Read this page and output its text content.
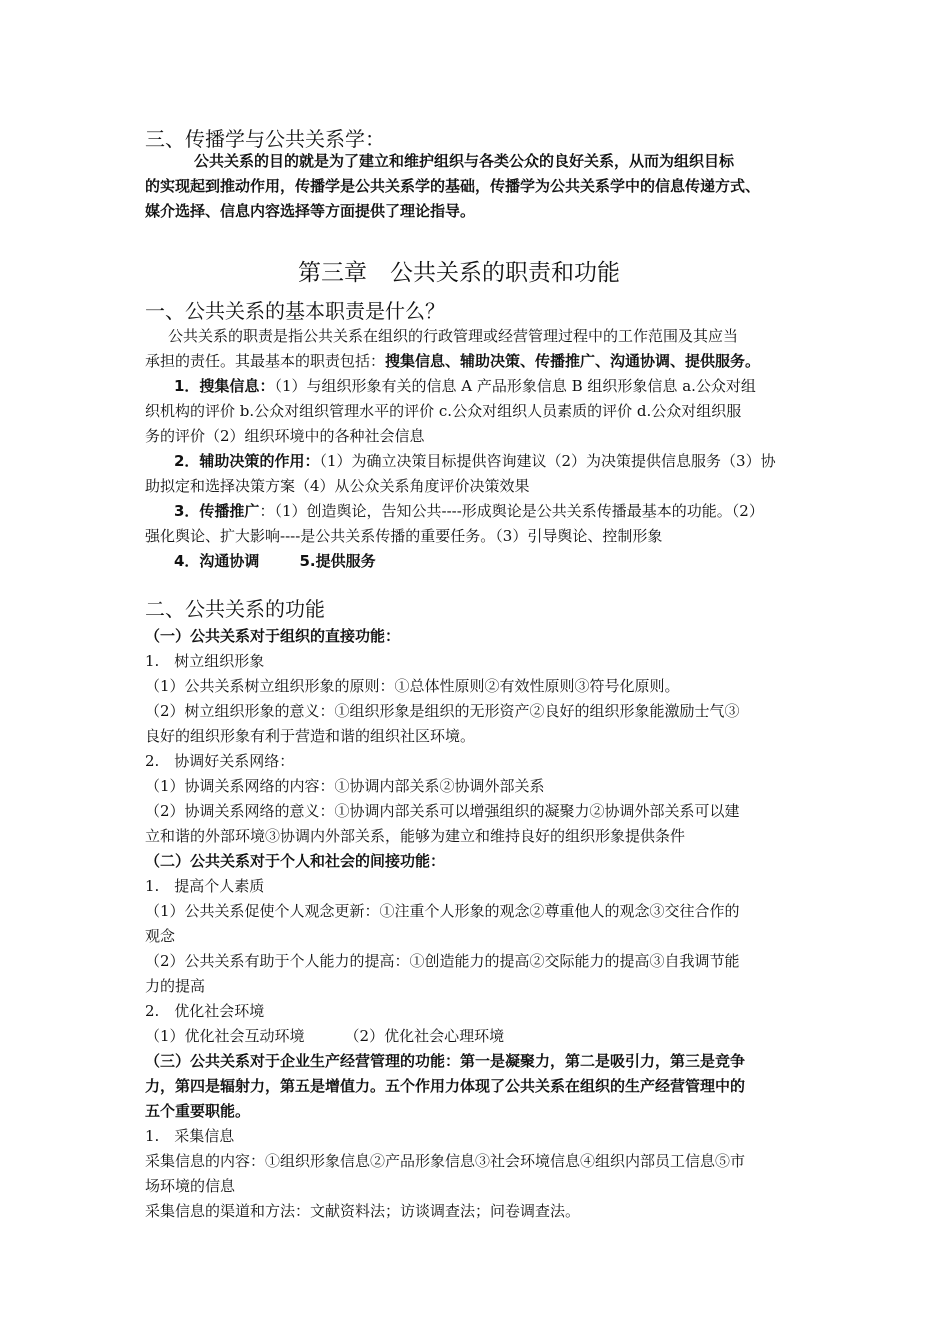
三、传播学与公共关系学：
公共关系的目的就是为了建立和维护组织与各类公众的良好关系，从而为组织目标
的实现起到推动作用，传播学是公共关系学的基础，传播学为公共关系学中的信息传递方式、
媒介选择、信息内容选择等方面提供了理论指导。
第三章　公共关系的职责和功能
一、公共关系的基本职责是什么？
公共关系的职责是指公共关系在组织的行政管理或经营管理过程中的工作范围及其应当
承担的责任。其最基本的职责包括：搜集信息、辅助决策、传播推广、沟通协调、提供服务。
1．搜集信息：（1）与组织形象有关的信息 A 产品形象信息 B 组织形象信息 a.公众对组
织机构的评价 b.公众对组织管理水平的评价 c.公众对组织人员素质的评价 d.公众对组织服
务的评价（2）组织环境中的各种社会信息
2．辅助决策的作用：（1）为确立决策目标提供咨询建议（2）为决策提供信息服务（3）协
助拟定和选择决策方案（4）从公众关系角度评价决策效果
3．传播推广：（1）创造舆论，告知公共----形成舆论是公共关系传播最基本的功能。（2）
强化舆论、扩大影响----是公共关系传播的重要任务。（3）引导舆论、控制形象
4．沟通协调	5.提供服务
二、公共关系的功能
（一）公共关系对于组织的直接功能：
1.　树立组织形象
（1）公共关系树立组织形象的原则：①总体性原则②有效性原则③符号化原则。
（2）树立组织形象的意义：①组织形象是组织的无形资产②良好的组织形象能激励士气③
良好的组织形象有利于营造和谐的组织社区环境。
2.　协调好关系网络：
（1）协调关系网络的内容：①协调内部关系②协调外部关系
（2）协调关系网络的意义：①协调内部关系可以增强组织的凝聚力②协调外部关系可以建
立和谐的外部环境③协调内外部关系，能够为建立和维持良好的组织形象提供条件
（二）公共关系对于个人和社会的间接功能：
1.　提高个人素质
（1）公共关系促使个人观念更新：①注重个人形象的观念②尊重他人的观念③交往合作的
观念
（2）公共关系有助于个人能力的提高：①创造能力的提高②交际能力的提高③自我调节能
力的提高
2.　优化社会环境
（1）优化社会互动环境	（2）优化社会心理环境
（三）公共关系对于企业生产经营管理的功能：第一是凝聚力，第二是吸引力，第三是竞争
力，第四是辐射力，第五是增值力。五个作用力体现了公共关系在组织的生产经营管理中的
五个重要职能。
1.　采集信息
采集信息的内容：①组织形象信息②产品形象信息③社会环境信息④组织内部员工信息⑤市
场环境的信息
采集信息的渠道和方法：文献资料法；访谈调查法；问卷调查法。
